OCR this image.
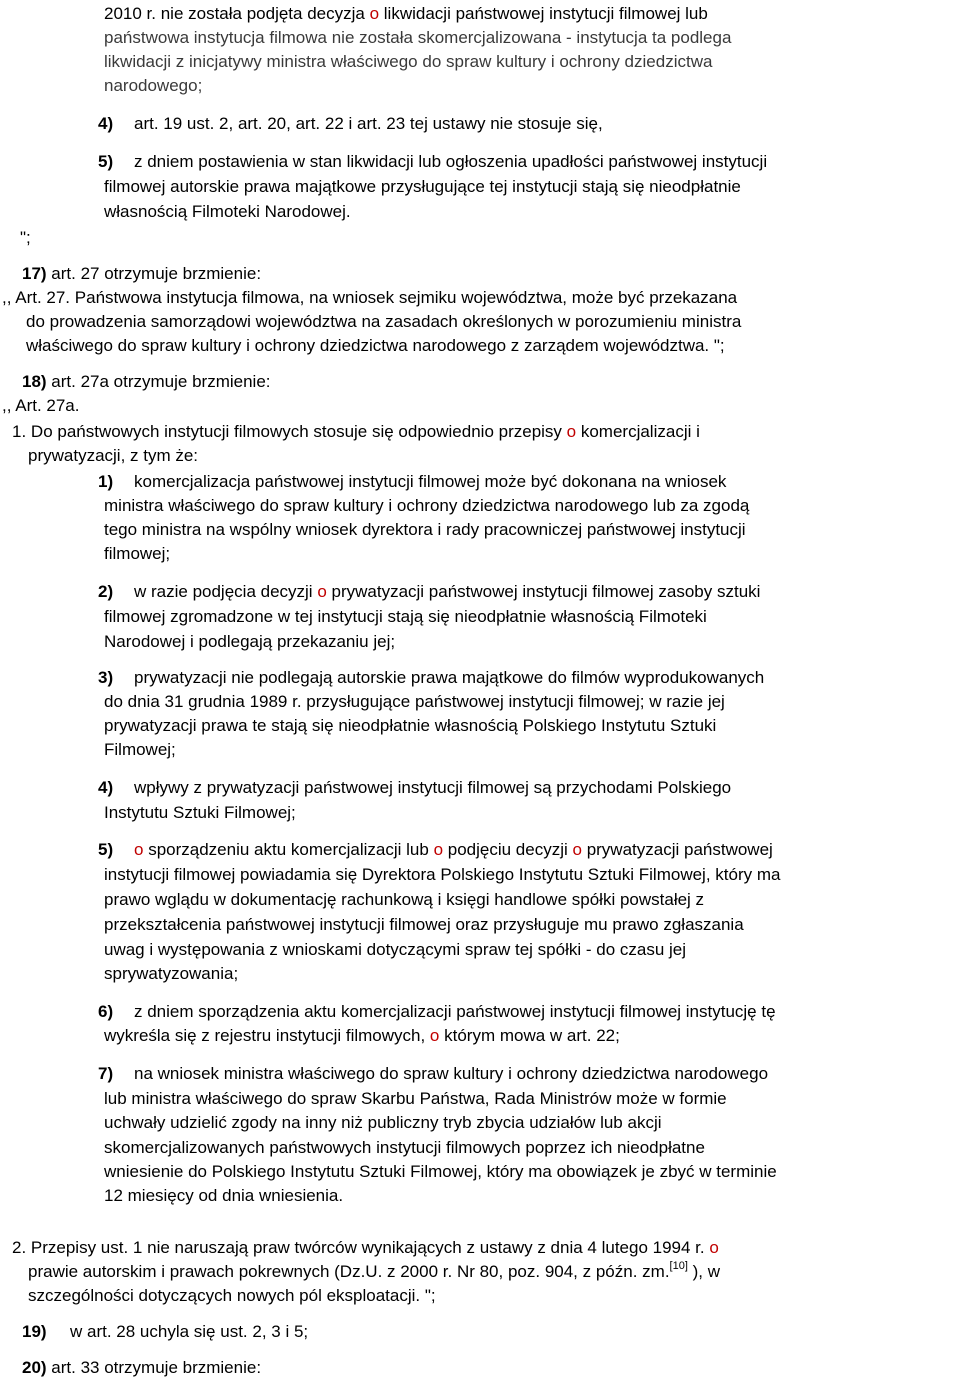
2010 r. nie została podjęta decyzja o likwidacji państwowej instytucji filmowej lub
państwowa instytucja filmowa nie została skomercjalizowana - instytucja ta podlega
likwidacji z inicjatywy ministra właściwego do spraw kultury i ochrony dziedzictwa
narodowego;
4) art. 19 ust. 2, art. 20, art. 22 i art. 23 tej ustawy nie stosuje się,
5) z dniem postawienia w stan likwidacji lub ogłoszenia upadłości państwowej instytucji
filmowej autorskie prawa majątkowe przysługujące tej instytucji stają się nieodpłatnie
własnością Filmoteki Narodowej.
";
17) art. 27 otrzymuje brzmienie:
,, Art. 27. Państwowa instytucja filmowa, na wniosek sejmiku województwa, może być przekazana
do prowadzenia samorządowi województwa na zasadach określonych w porozumieniu ministra
właściwego do spraw kultury i ochrony dziedzictwa narodowego z zarządem województwa. ";
18) art. 27a otrzymuje brzmienie:
,, Art. 27a.
1. Do państwowych instytucji filmowych stosuje się odpowiednio przepisy o komercjalizacji i
prywatyzacji, z tym że:
1) komercjalizacja państwowej instytucji filmowej może być dokonana na wniosek
ministra właściwego do spraw kultury i ochrony dziedzictwa narodowego lub za zgodą
tego ministra na wspólny wniosek dyrektora i rady pracowniczej państwowej instytucji
filmowej;
2) w razie podjęcia decyzji o prywatyzacji państwowej instytucji filmowej zasoby sztuki
filmowej zgromadzone w tej instytucji stają się nieodpłatnie własnością Filmoteki
Narodowej i podlegają przekazaniu jej;
3) prywatyzacji nie podlegają autorskie prawa majątkowe do filmów wyprodukowanych
do dnia 31 grudnia 1989 r. przysługujące państwowej instytucji filmowej; w razie jej
prywatyzacji prawa te stają się nieodpłatnie własnością Polskiego Instytutu Sztuki
Filmowej;
4) wpływy z prywatyzacji państwowej instytucji filmowej są przychodami Polskiego
Instytutu Sztuki Filmowej;
5) o sporządzeniu aktu komercjalizacji lub o podjęciu decyzji o prywatyzacji państwowej
instytucji filmowej powiadamia się Dyrektora Polskiego Instytutu Sztuki Filmowej, który ma
prawo wglądu w dokumentację rachunkową i księgi handlowe spółki powstałej z
przekształcenia państwowej instytucji filmowej oraz przysługuje mu prawo zgłaszania
uwag i występowania z wnioskami dotyczącymi spraw tej spółki - do czasu jej
sprywatyzowania;
6) z dniem sporządzenia aktu komercjalizacji państwowej instytucji filmowej instytucję tę
wykreśla się z rejestru instytucji filmowych, o którym mowa w art. 22;
7) na wniosek ministra właściwego do spraw kultury i ochrony dziedzictwa narodowego
lub ministra właściwego do spraw Skarbu Państwa, Rada Ministrów może w formie
uchwały udzielić zgody na inny niż publiczny tryb zbycia udziałów lub akcji
skomercjalizowanych państwowych instytucji filmowych poprzez ich nieodpłatne
wniesienie do Polskiego Instytutu Sztuki Filmowej, który ma obowiązek je zbyć w terminie
12 miesięcy od dnia wniesienia.
2. Przepisy ust. 1 nie naruszają praw twórców wynikających z ustawy z dnia 4 lutego 1994 r. o
prawie autorskim i prawach pokrewnych (Dz.U. z 2000 r. Nr 80, poz. 904, z późn. zm.[10] ), w
szczególności dotyczących nowych pól eksploatacji. ";
19) w art. 28 uchyla się ust. 2, 3 i 5;
20) art. 33 otrzymuje brzmienie:
